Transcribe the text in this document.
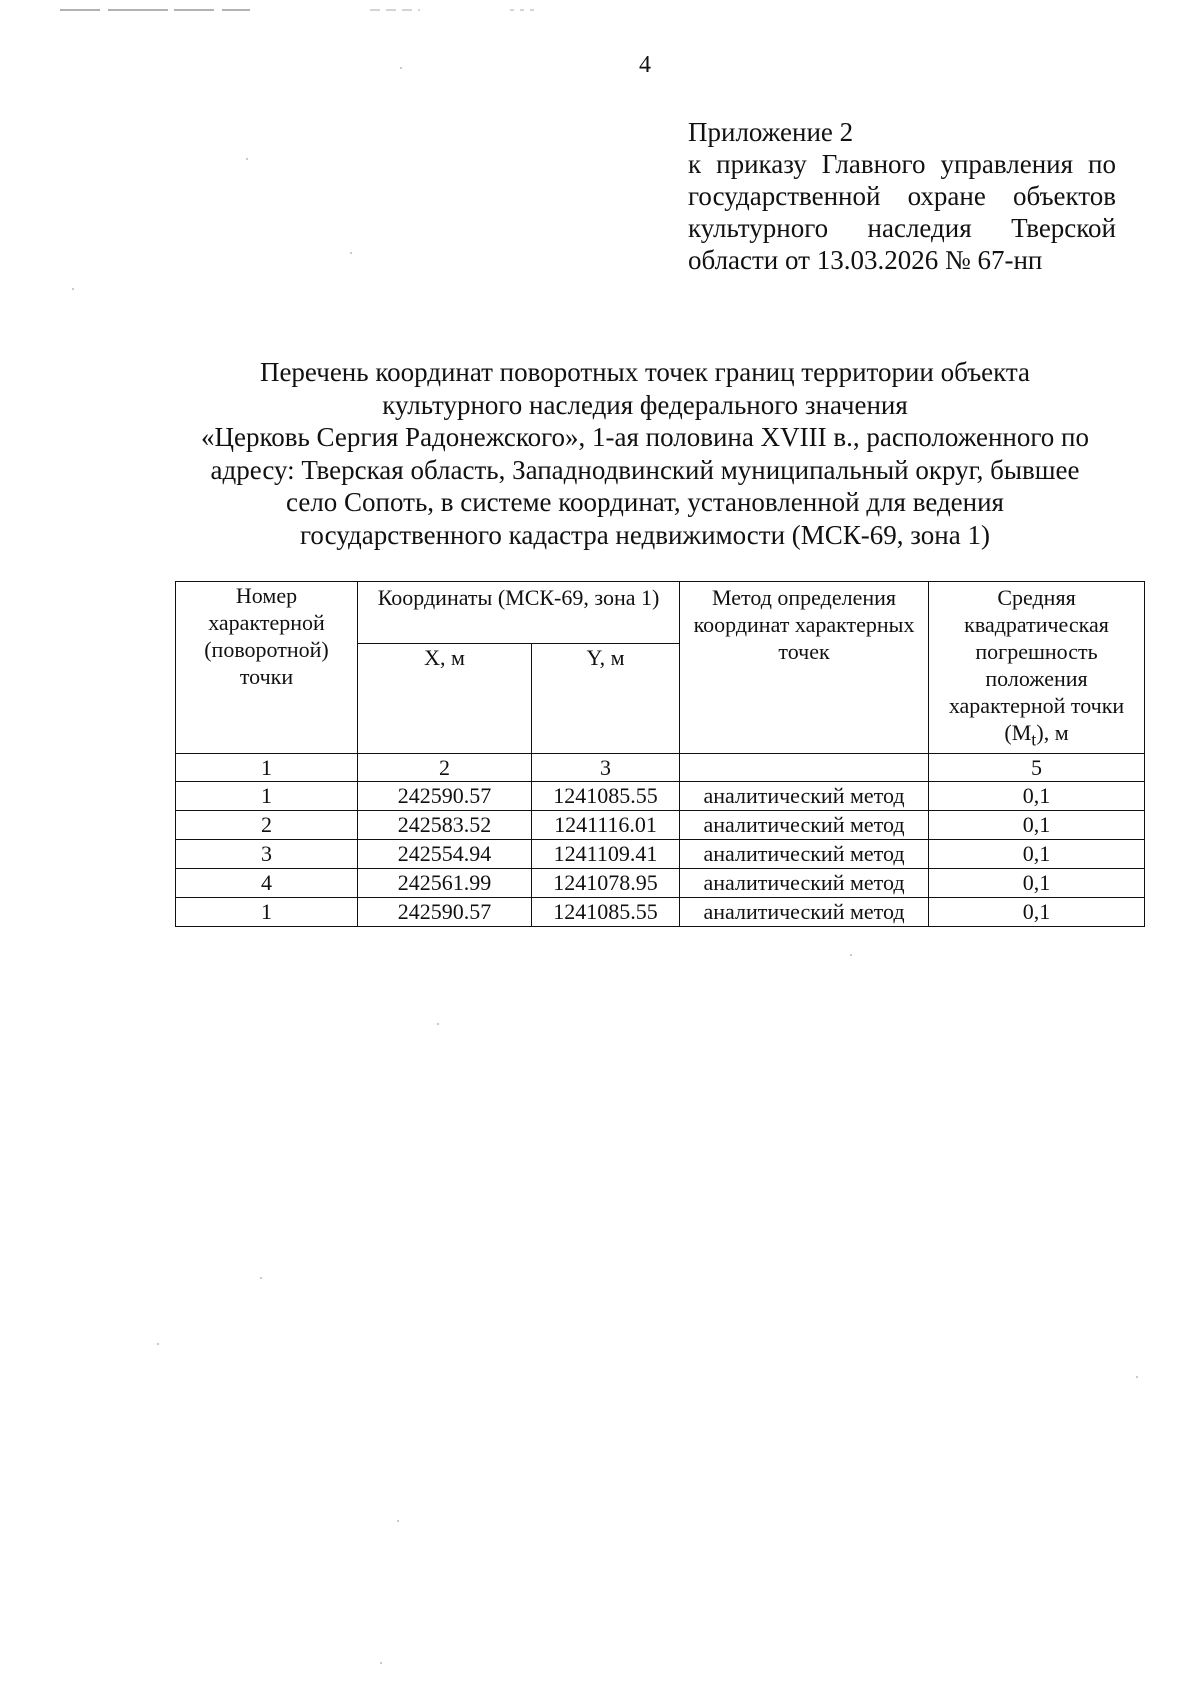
4
Приложение 2
к приказу Главного управления по государственной охране объектов культурного наследия Тверской области от 13.03.2026 № 67-нп
Перечень координат поворотных точек границ территории объекта
культурного наследия федерального значения
«Церковь Сергия Радонежского», 1-ая половина XVIII в., расположенного по
адресу: Тверская область, Западнодвинский муниципальный округ, бывшее
село Сопоть, в системе координат, установленной для ведения
государственного кадастра недвижимости (МСК-69, зона 1)
Номер характерной (поворотной) точки	Координаты (МСК-69, зона 1)		Метод определения координат характерных точек	Средняя квадратическая погрешность положения характерной точки $(M_t)$, м
	X, м	Y, м		
1	2	3		5
1	242590.57	1241085.55	аналитический метод	0,1
2	242583.52	1241116.01	аналитический метод	0,1
3	242554.94	1241109.41	аналитический метод	0,1
4	242561.99	1241078.95	аналитический метод	0,1
1	242590.57	1241085.55	аналитический метод	0,1
